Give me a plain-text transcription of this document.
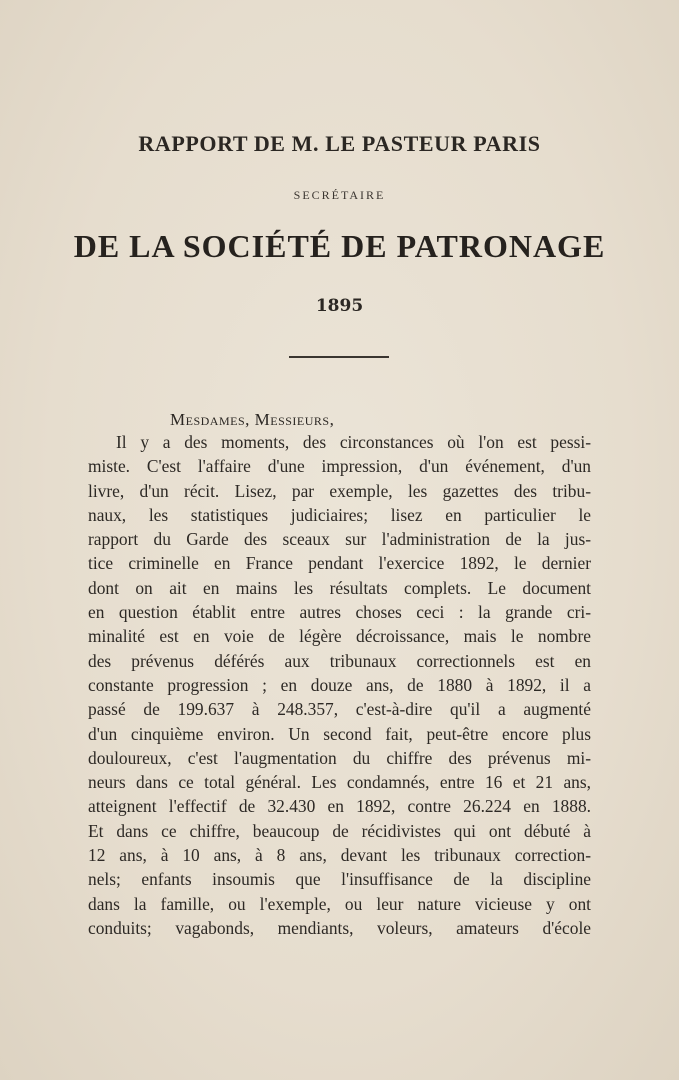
RAPPORT DE M. LE PASTEUR PARIS
SECRÉTAIRE
DE LA SOCIÉTÉ DE PATRONAGE
1895
Mesdames, Messieurs,
Il y a des moments, des circonstances où l'on est pessi-
miste. C'est l'affaire d'une impression, d'un événement, d'un
livre, d'un récit. Lisez, par exemple, les gazettes des tribu-
naux, les statistiques judiciaires; lisez en particulier le
rapport du Garde des sceaux sur l'administration de la jus-
tice criminelle en France pendant l'exercice 1892, le dernier
dont on ait en mains les résultats complets. Le document
en question établit entre autres choses ceci : la grande cri-
minalité est en voie de légère décroissance, mais le nombre
des prévenus déférés aux tribunaux correctionnels est en
constante progression ; en douze ans, de 1880 à 1892, il a
passé de 199.637 à 248.357, c'est-à-dire qu'il a augmenté
d'un cinquième environ. Un second fait, peut-être encore plus
douloureux, c'est l'augmentation du chiffre des prévenus mi-
neurs dans ce total général. Les condamnés, entre 16 et 21 ans,
atteignent l'effectif de 32.430 en 1892, contre 26.224 en 1888.
Et dans ce chiffre, beaucoup de récidivistes qui ont débuté à
12 ans, à 10 ans, à 8 ans, devant les tribunaux correction-
nels; enfants insoumis que l'insuffisance de la discipline
dans la famille, ou l'exemple, ou leur nature vicieuse y ont
conduits; vagabonds, mendiants, voleurs, amateurs d'école
